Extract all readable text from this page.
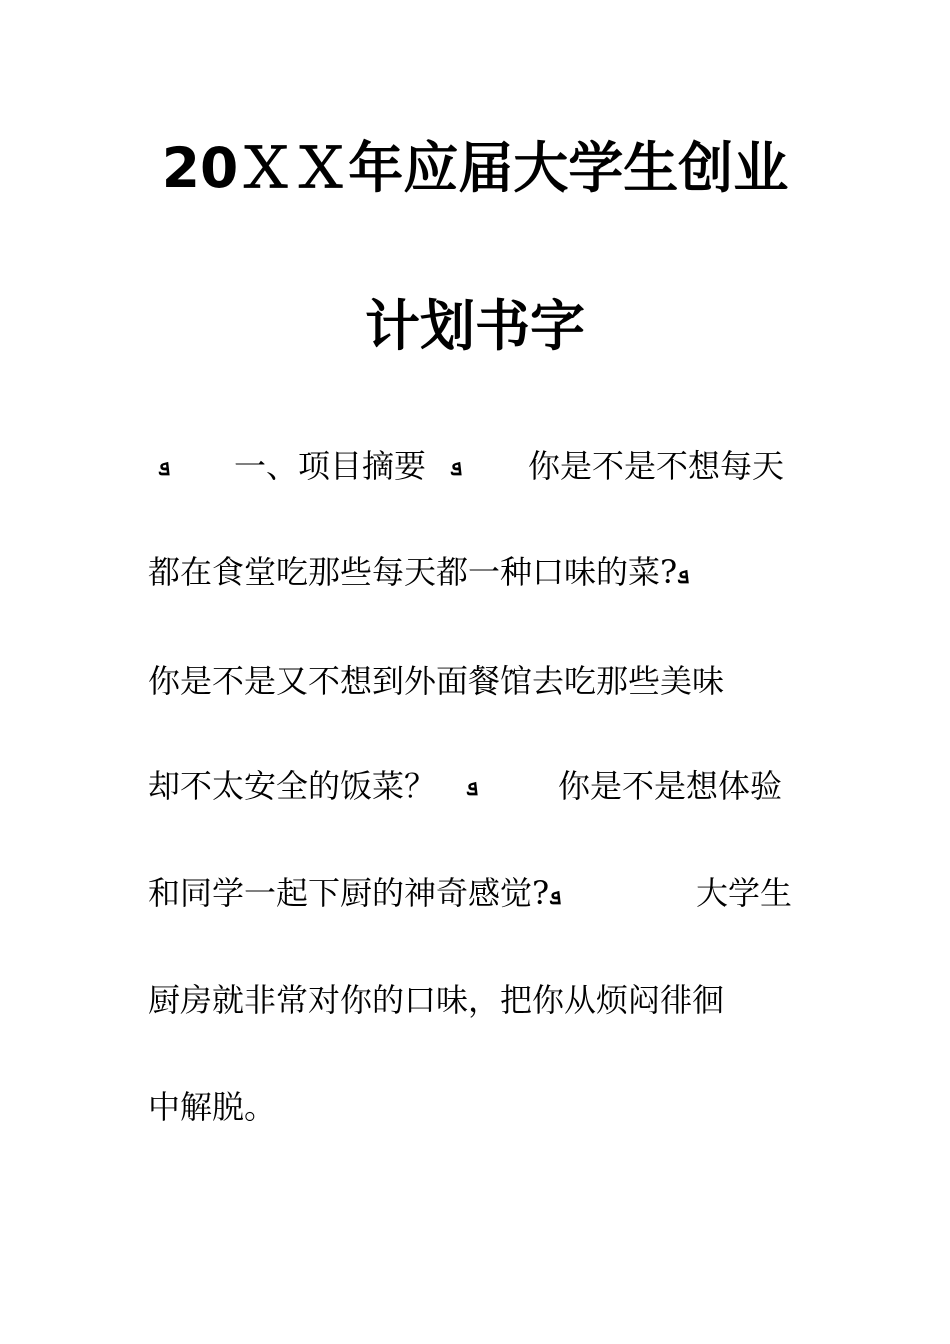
20ＸＸ年应届大学生创业
计划书字
ܦ 一、项目摘要 ܦ 你是不是不想每天
都在食堂吃那些每天都一种口味的菜?ܦ
你是不是又不想到外面餐馆去吃那些美味
却不太安全的饭菜？ ܦ 你是不是想体验
和同学一起下厨的神奇感觉?ܦ	大学生
厨房就非常对你的口味，把你从烦闷徘徊
中解脱。
